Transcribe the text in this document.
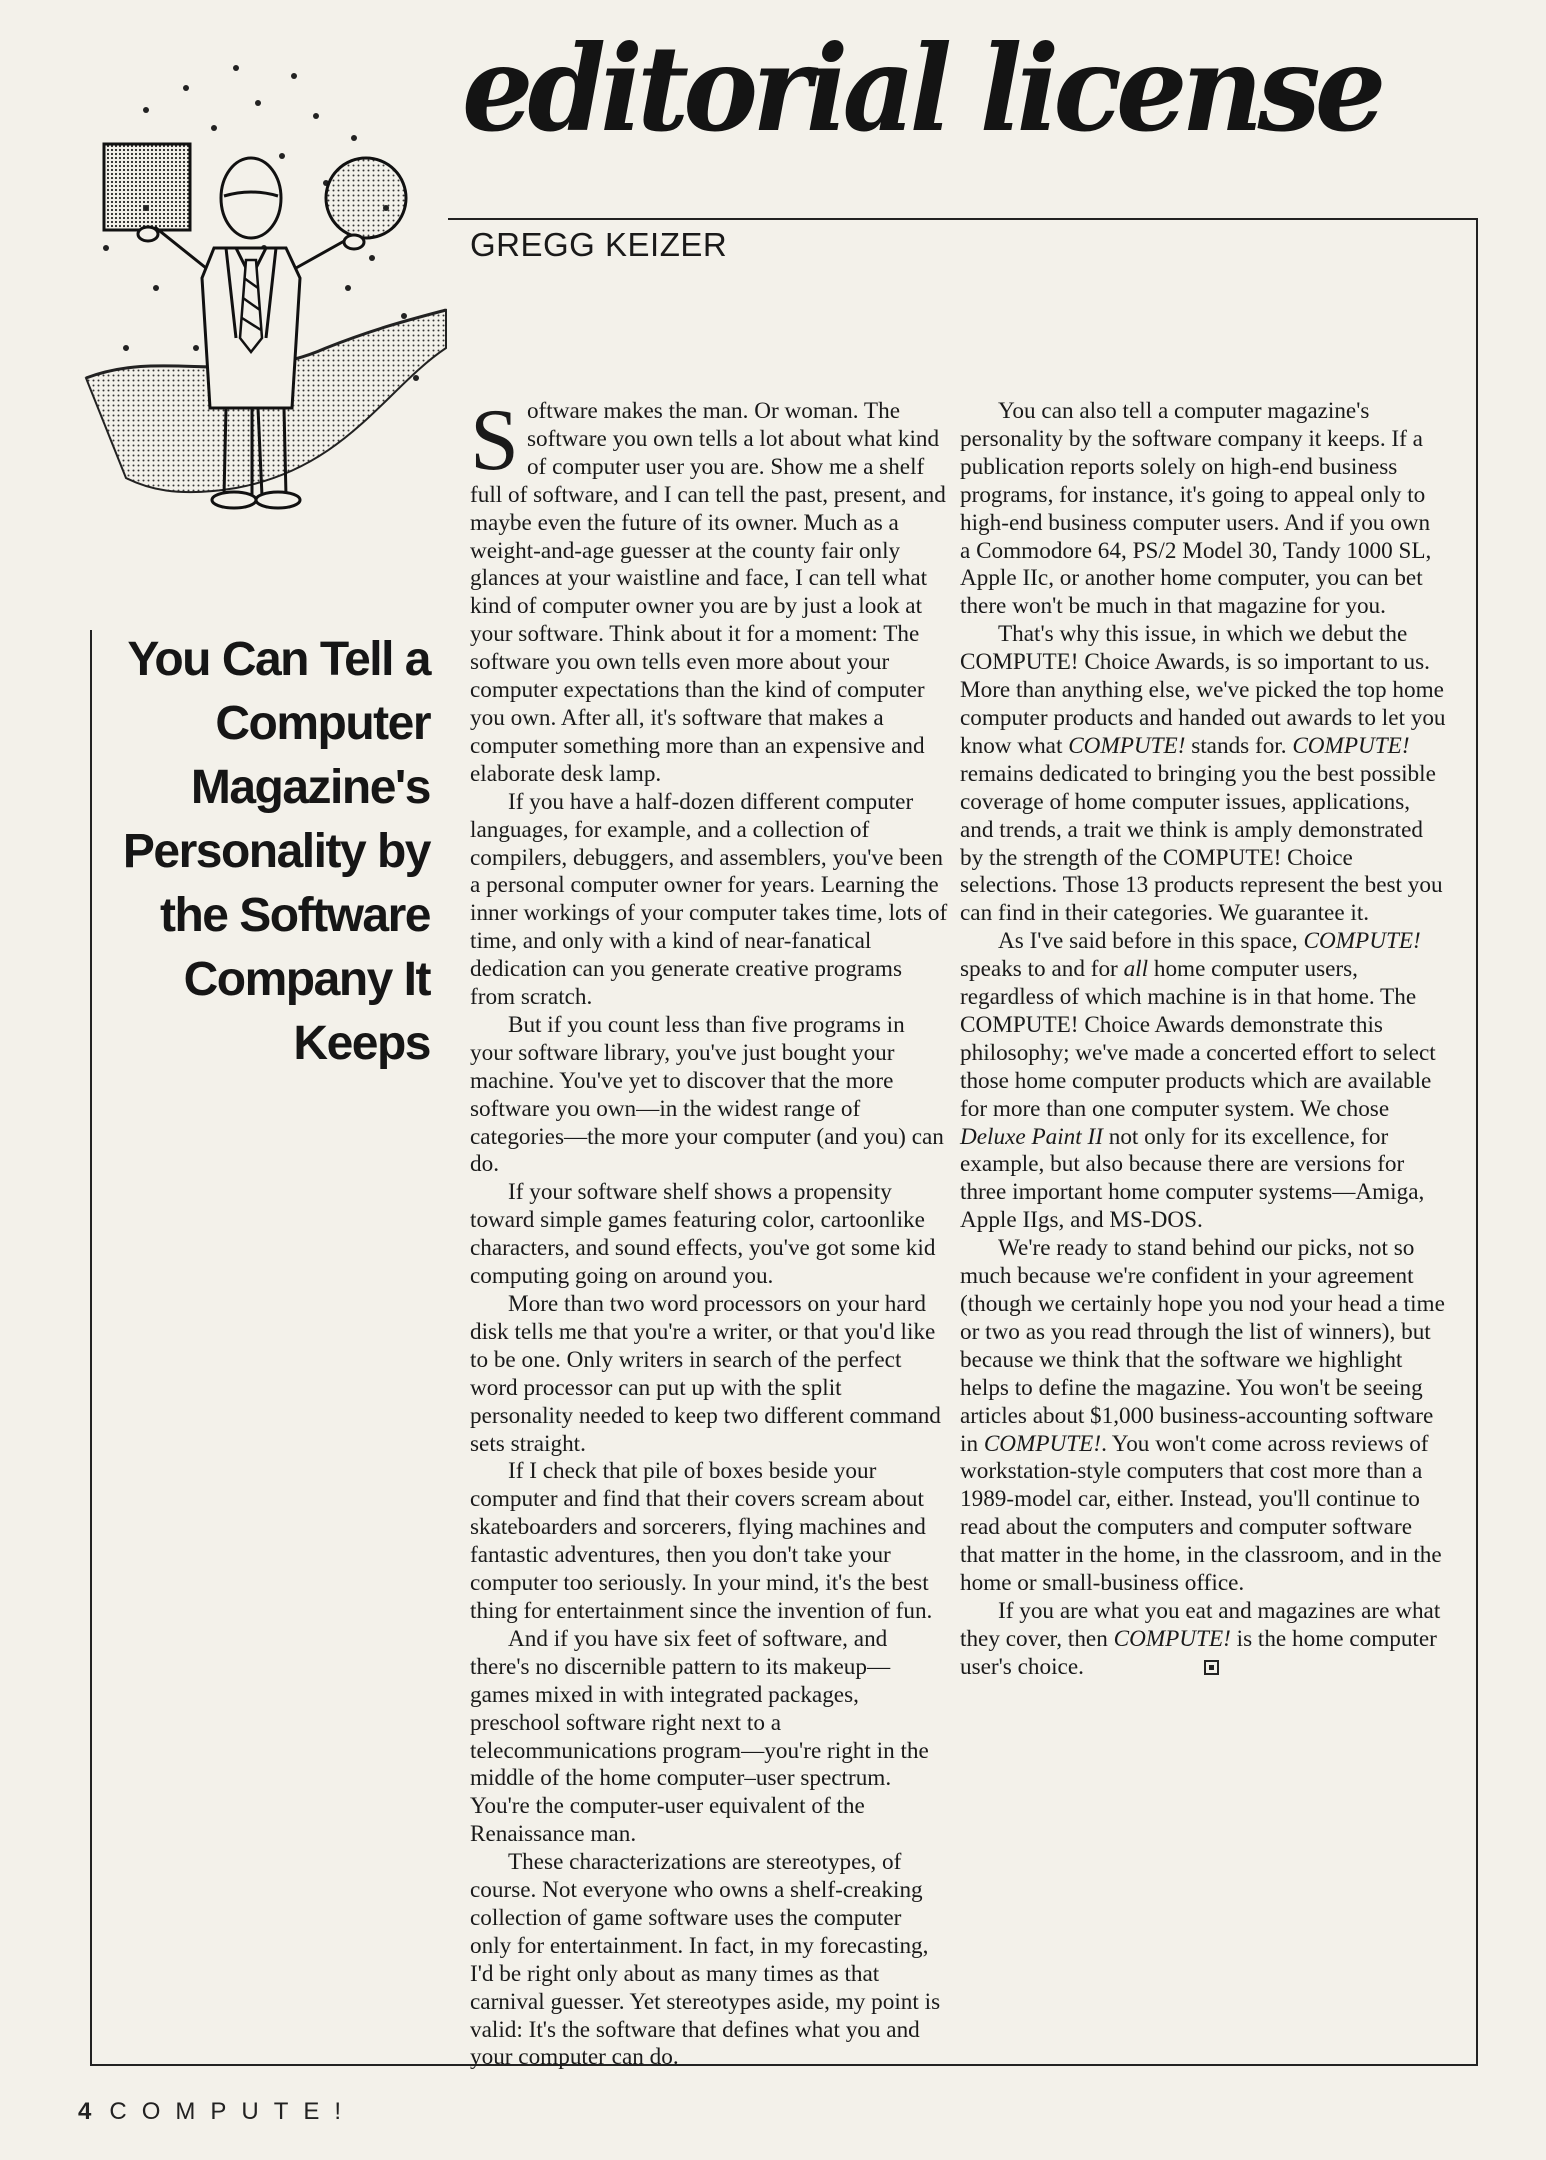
editorial license

GREGG KEIZER

You Can Tell a Computer Magazine's Personality by the Software Company It Keeps

Software makes the man. Or woman. The software you own tells a lot about what kind of computer user you are. Show me a shelf full of software, and I can tell the past, present, and maybe even the future of its owner. Much as a weight-and-age guesser at the county fair only glances at your waistline and face, I can tell what kind of computer owner you are by just a look at your software. Think about it for a moment: The software you own tells even more about your computer expectations than the kind of computer you own. After all, it's software that makes a computer something more than an expensive and elaborate desk lamp.

If you have a half-dozen different computer languages, for example, and a collection of compilers, debuggers, and assemblers, you've been a personal computer owner for years. Learning the inner workings of your computer takes time, lots of time, and only with a kind of near-fanatical dedication can you generate creative programs from scratch.

But if you count less than five programs in your software library, you've just bought your machine. You've yet to discover that the more software you own—in the widest range of categories—the more your computer (and you) can do.

If your software shelf shows a propensity toward simple games featuring color, cartoonlike characters, and sound effects, you've got some kid computing going on around you.

More than two word processors on your hard disk tells me that you're a writer, or that you'd like to be one. Only writers in search of the perfect word processor can put up with the split personality needed to keep two different command sets straight.

If I check that pile of boxes beside your computer and find that their covers scream about skateboarders and sorcerers, flying machines and fantastic adventures, then you don't take your computer too seriously. In your mind, it's the best thing for entertainment since the invention of fun.

And if you have six feet of software, and there's no discernible pattern to its makeup—games mixed in with integrated packages, preschool software right next to a telecommunications program—you're right in the middle of the home computer–user spectrum. You're the computer-user equivalent of the Renaissance man.

These characterizations are stereotypes, of course. Not everyone who owns a shelf-creaking collection of game software uses the computer only for entertainment. In fact, in my forecasting, I'd be right only about as many times as that carnival guesser. Yet stereotypes aside, my point is valid: It's the software that defines what you and your computer can do.

You can also tell a computer magazine's personality by the software company it keeps. If a publication reports solely on high-end business programs, for instance, it's going to appeal only to high-end business computer users. And if you own a Commodore 64, PS/2 Model 30, Tandy 1000 SL, Apple IIc, or another home computer, you can bet there won't be much in that magazine for you.

That's why this issue, in which we debut the COMPUTE! Choice Awards, is so important to us. More than anything else, we've picked the top home computer products and handed out awards to let you know what COMPUTE! stands for. COMPUTE! remains dedicated to bringing you the best possible coverage of home computer issues, applications, and trends, a trait we think is amply demonstrated by the strength of the COMPUTE! Choice selections. Those 13 products represent the best you can find in their categories. We guarantee it.

As I've said before in this space, COMPUTE! speaks to and for all home computer users, regardless of which machine is in that home. The COMPUTE! Choice Awards demonstrate this philosophy; we've made a concerted effort to select those home computer products which are available for more than one computer system. We chose Deluxe Paint II not only for its excellence, for example, but also because there are versions for three important home computer systems—Amiga, Apple IIgs, and MS-DOS.

We're ready to stand behind our picks, not so much because we're confident in your agreement (though we certainly hope you nod your head a time or two as you read through the list of winners), but because we think that the software we highlight helps to define the magazine. You won't be seeing articles about $1,000 business-accounting software in COMPUTE!. You won't come across reviews of workstation-style computers that cost more than a 1989-model car, either. Instead, you'll continue to read about the computers and computer software that matter in the home, in the classroom, and in the home or small-business office.

If you are what you eat and magazines are what they cover, then COMPUTE! is the home computer user's choice.

4 COMPUTE!
